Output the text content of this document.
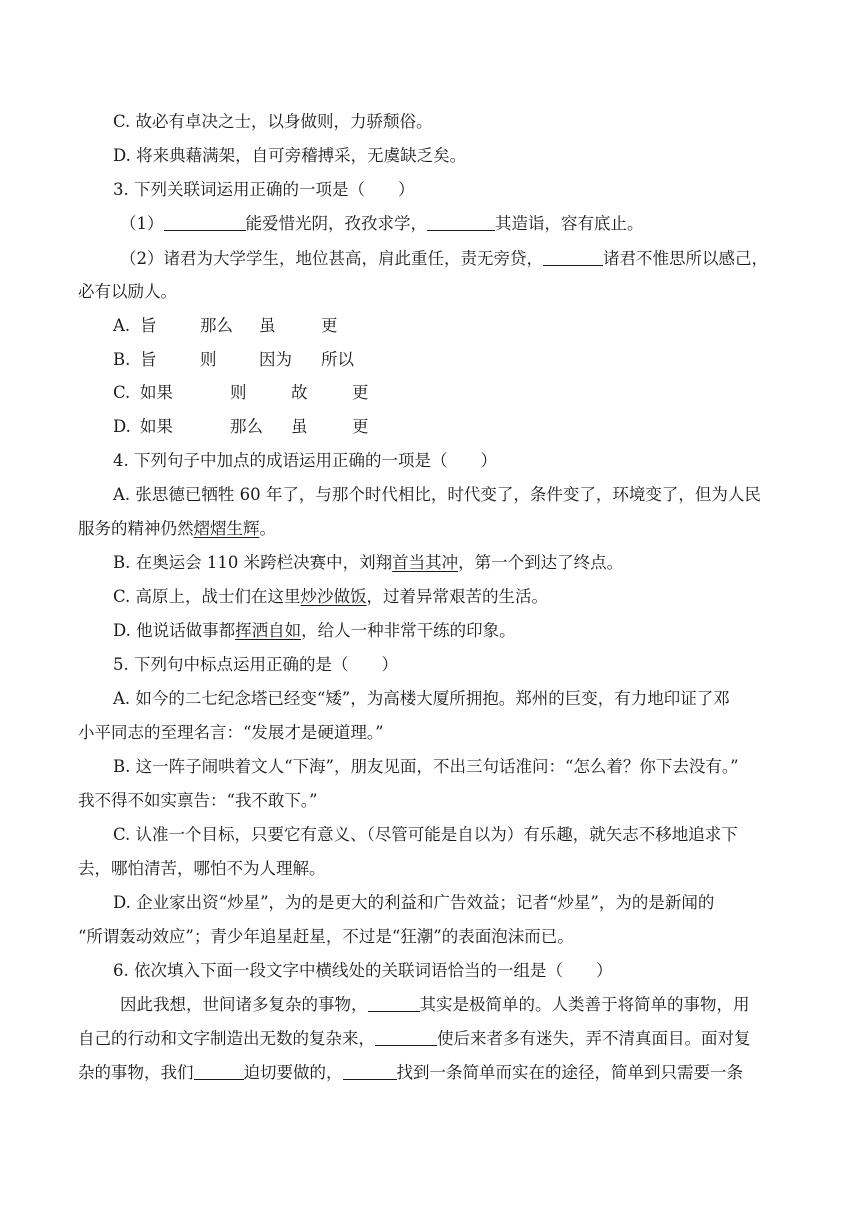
C. 故必有卓决之士，以身做则，力骄颓俗。
D. 将来典藉满架，自可旁稽搏采，无虞缺乏矣。
3. 下列关联词运用正确的一项是（　　）
（1）	能爱惜光阴，孜孜求学，	其造诣，容有底止。
（2）诸君为大学学生，地位甚高，肩此重任，责无旁贷，	诸君不惟思所以感己，
必有以励人。
A. 旨	那么 虽	更
B. 旨	则	因为 所以
C. 如果	则	故	更
D. 如果	那么 虽	更
4. 下列句子中加点的成语运用正确的一项是（　　）
A. 张思德已牺牲 60 年了，与那个时代相比，时代变了，条件变了，环境变了，但为人民
服务的精神仍然熠熠生辉。
B. 在奥运会 110 米跨栏决赛中，刘翔首当其冲，第一个到达了终点。
C. 高原上，战士们在这里炒沙做饭，过着异常艰苦的生活。
D. 他说话做事都挥洒自如，给人一种非常干练的印象。
5. 下列句中标点运用正确的是（　　）
A. 如今的二七纪念塔已经变“矮”，为高楼大厦所拥抱。郑州的巨变，有力地印证了邓
小平同志的至理名言：“发展才是硬道理。”
B. 这一阵子闹哄着文人“下海”，朋友见面，不出三句话准问：“怎么着？你下去没有。”
我不得不如实禀告：“我不敢下。”
C. 认准一个目标，只要它有意义、（尽管可能是自以为）有乐趣，就矢志不移地追求下
去，哪怕清苦，哪怕不为人理解。
D. 企业家出资“炒星”，为的是更大的利益和广告效益；记者“炒星”，为的是新闻的
“所谓轰动效应”；青少年追星赶星，不过是“狂潮”的表面泡沫而已。
6. 依次填入下面一段文字中横线处的关联词语恰当的一组是（　　）
因此我想，世间诸多复杂的事物，	其实是极简单的。人类善于将简单的事物，用
自己的行动和文字制造出无数的复杂来，	使后来者多有迷失，弄不清真面目。面对复
杂的事物，我们	迫切要做的，	找到一条简单而实在的途径，简单到只需要一条
